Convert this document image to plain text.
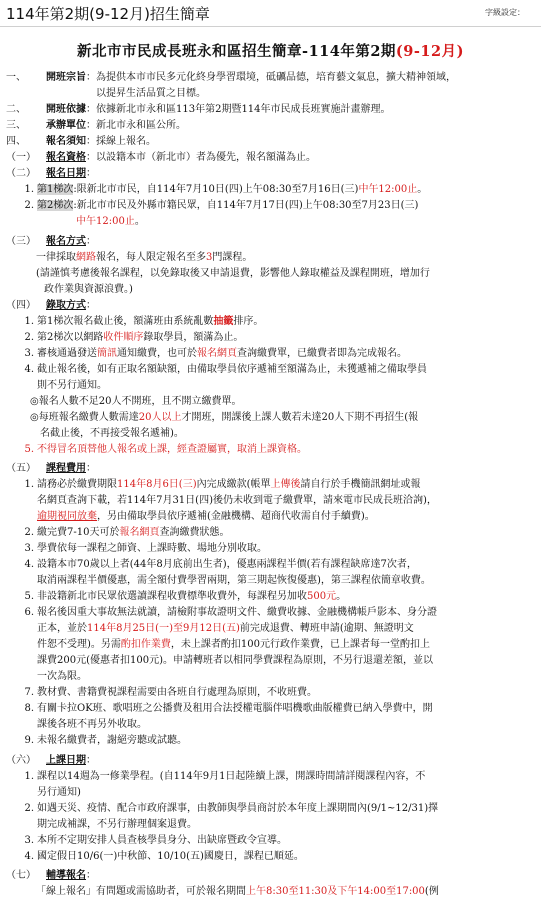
114年第2期(9-12月)招生簡章	字級設定：
新北市市民成長班永和區招生簡章-114年第2期(9-12月)
一、	開班宗旨 ：為提供本市市民多元化終身學習環境，砥礪品德，培育藝文氣息，擴大精神領域，
以提昇生活品質之目標。
二、	開班依據 ：依據新北市永和區113年第2期暨114年市民成長班實施計畫辦理。
三、	承辦單位 ：新北市永和區公所。
四、	報名須知 ：採線上報名。
（一）	報名資格 ：以設籍本市（新北市）者為優先，報名額滿為止。
（二）	報名日期 ：
1. 第1梯次:限新北市市民，自114年7月10日(四)上午08:30至7月16日(三)中午12:00止。
2. 第2梯次:新北市市民及外縣市籍民眾，自114年7月17日(四)上午08:30至7月23日(三)
中午12:00止 。
（三）	報名方式 ：
一律採取 網路 報名，每人限定報名至多 3 門課程。
(請謹慎考慮後報名課程，以免錄取後又申請退費，影響他人錄取權益及課程開班，增加行
政作業與資源浪費。)
（四）	錄取方式 ：
1. 第1梯次報名截止後，額滿班由系統亂數抽籤排序。
2. 第2梯次以網路收件順序錄取學員，額滿為止。
3. 審核通過發送簡訊通知繳費，也可於報名網頁查詢繳費單，已繳費者即為完成報名。
4. 截止報名後，如有正取名額缺額，由備取學員依序遞補至額滿為止，未獲遞補之備取學員
則不另行通知。
◎ 報名人數不足20人不開班，且不開立繳費單。
◎ 每班報名繳費人數需達 20人以上 才開班，開課後上課人數若未達20人下期不再招生(報
名截止後，不再接受報名遞補)。
5. 不得冒名頂替他人報名或上課，經查證屬實，取消上課資格。
（五）	課程費用 ：
1. 請務必於繳費期限114年8月6日(三)內完成繳款(帳單上傳後請自行於手機簡訊網址或報
名網頁查詢下載，若114年7月31日(四)後仍未收到電子繳費單，請來電市民成長班洽詢)，
逾期視同放棄 ，另由備取學員依序遞補(金融機構、超商代收需自付手續費)。
2. 繳完費7-10天可於報名網頁查詢繳費狀態。
3. 學費依每一課程之師資、上課時數、場地分別收取。
4. 設籍本市70歲以上者(44年8月底前出生者)，優惠兩課程半價(若有課程缺席達7次者，
取消兩課程半價優惠，需全額付費學習兩期，第三期起恢復優惠)，第三課程依簡章收費。
5. 非設籍新北市民眾依選讀課程收費標準收費外，每課程另加收500元。
6. 報名後因重大事故無法就讀，請檢附事故證明文件、繳費收據、金融機構帳戶影本、身分證
正本，並於 114年8月25日(一)至9月12日(五) 前完成退費、轉班申請(逾期、無證明文
件恕不受理)。另需 酌扣作業費 ，未上課者酌扣100元行政作業費，已上課者每一堂酌扣上
課費200元(優惠者扣100元)。申請轉班者以相同學費課程為原則，不另行退還差額，並以
一次為限。
7. 教材費、書籍費視課程需要由各班自行處理為原則，不收班費。
8. 有關卡拉OK班、歌唱班之公播費及租用合法授權電腦伴唱機歌曲版權費已納入學費中，開
課後各班不再另外收取。
9. 未報名繳費者，謝絕旁聽或試聽。
（六）	上課日期 ：
1. 課程以14週為一修業學程。(自114年9月1日起陸續上課，開課時間請詳閱課程內容，不
另行通知)
2. 如遇天災、疫情、配合市政府課事，由教師與學員商討於本年度上課期間內(9/1~12/31)擇
期完成補課，不另行辦理個案退費。
3. 本所不定期安排人員查核學員身分、出缺席暨政令宣導。
4. 國定假日10/6(一)中秋節、10/10(五)國慶日，課程已順延。
（七）	輔導報名 ：
「線上報名」有問題或需協助者，可於報名期間 上午8:30至11:30及下午14:00至17:00 (例
